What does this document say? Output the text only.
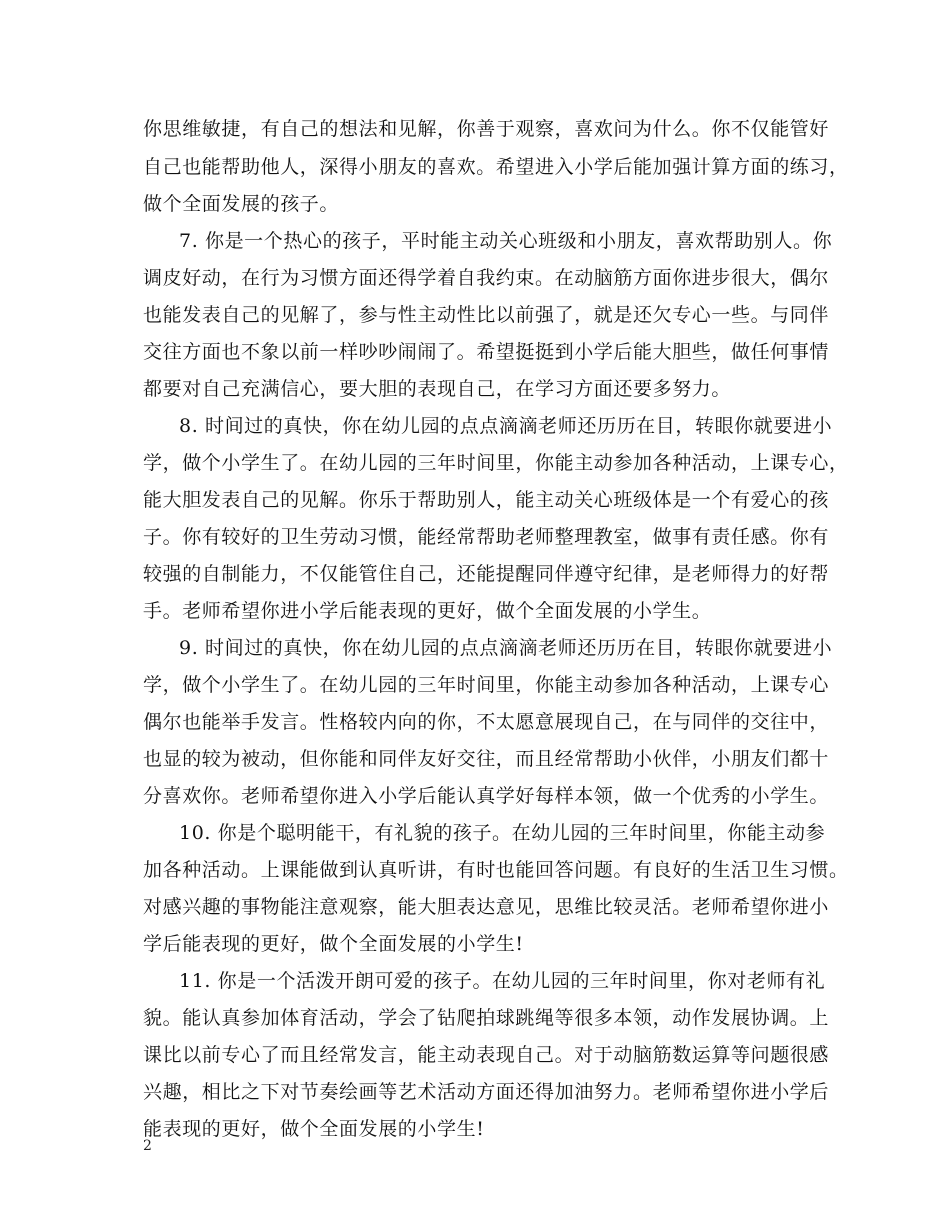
你思维敏捷，有自己的想法和见解，你善于观察，喜欢问为什么。你不仅能管好
自己也能帮助他人，深得小朋友的喜欢。希望进入小学后能加强计算方面的练习，
做个全面发展的孩子。
7. 你是一个热心的孩子，平时能主动关心班级和小朋友，喜欢帮助别人。你
调皮好动，在行为习惯方面还得学着自我约束。在动脑筋方面你进步很大，偶尔
也能发表自己的见解了，参与性主动性比以前强了，就是还欠专心一些。与同伴
交往方面也不象以前一样吵吵闹闹了。希望挺挺到小学后能大胆些，做任何事情
都要对自己充满信心，要大胆的表现自己，在学习方面还要多努力。
8. 时间过的真快，你在幼儿园的点点滴滴老师还历历在目，转眼你就要进小
学，做个小学生了。在幼儿园的三年时间里，你能主动参加各种活动，上课专心，
能大胆发表自己的见解。你乐于帮助别人，能主动关心班级体是一个有爱心的孩
子。你有较好的卫生劳动习惯，能经常帮助老师整理教室，做事有责任感。你有
较强的自制能力，不仅能管住自己，还能提醒同伴遵守纪律，是老师得力的好帮
手。老师希望你进小学后能表现的更好，做个全面发展的小学生。
9. 时间过的真快，你在幼儿园的点点滴滴老师还历历在目，转眼你就要进小
学，做个小学生了。在幼儿园的三年时间里，你能主动参加各种活动，上课专心
偶尔也能举手发言。性格较内向的你，不太愿意展现自己，在与同伴的交往中，
也显的较为被动，但你能和同伴友好交往，而且经常帮助小伙伴，小朋友们都十
分喜欢你。老师希望你进入小学后能认真学好每样本领，做一个优秀的小学生。
10. 你是个聪明能干，有礼貌的孩子。在幼儿园的三年时间里，你能主动参
加各种活动。上课能做到认真听讲，有时也能回答问题。有良好的生活卫生习惯。
对感兴趣的事物能注意观察，能大胆表达意见，思维比较灵活。老师希望你进小
学后能表现的更好，做个全面发展的小学生!
11. 你是一个活泼开朗可爱的孩子。在幼儿园的三年时间里，你对老师有礼
貌。能认真参加体育活动，学会了钻爬拍球跳绳等很多本领，动作发展协调。上
课比以前专心了而且经常发言，能主动表现自己。对于动脑筋数运算等问题很感
兴趣，相比之下对节奏绘画等艺术活动方面还得加油努力。老师希望你进小学后
能表现的更好，做个全面发展的小学生!
2
